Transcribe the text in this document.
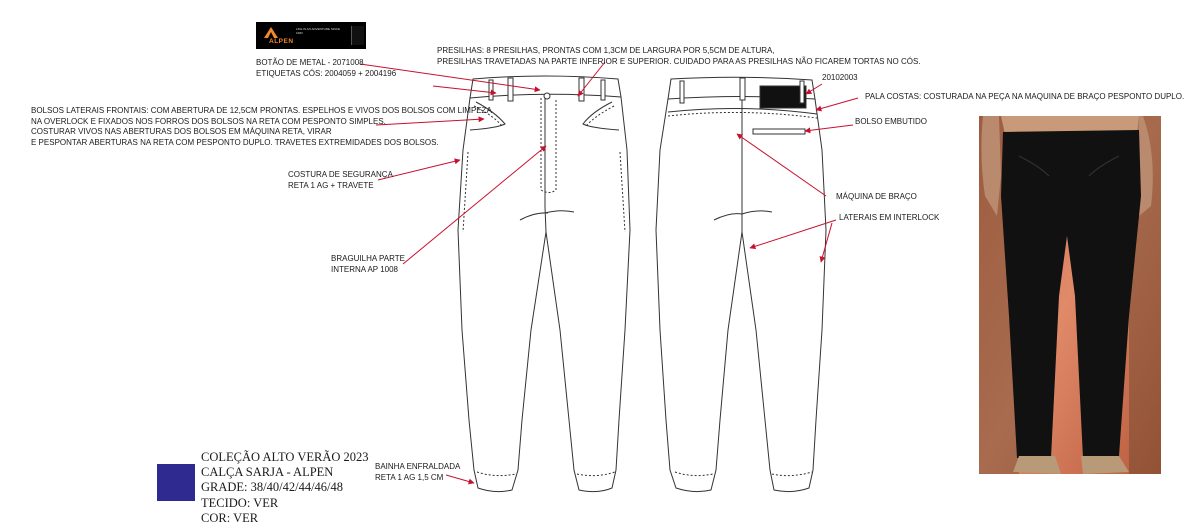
ALPEN
LIFE IS AN ADVENTURE SINCE 1983
BOTÃO DE METAL - 2071008
ETIQUETAS CÓS: 2004059 + 2004196
PRESILHAS: 8 PRESILHAS, PRONTAS COM 1,3CM DE LARGURA POR 5,5CM DE ALTURA,
PRESILHAS TRAVETADAS NA PARTE INFERIOR E SUPERIOR. CUIDADO PARA AS PRESILHAS NÃO FICAREM TORTAS NO CÓS.
BOLSOS LATERAIS FRONTAIS: COM ABERTURA DE 12,5CM PRONTAS. ESPELHOS E VIVOS DOS BOLSOS COM LIMPEZA
NA OVERLOCK E FIXADOS NOS FORROS DOS BOLSOS NA RETA COM PESPONTO SIMPLES.
COSTURAR VIVOS NAS ABERTURAS DOS BOLSOS EM MÁQUINA RETA, VIRAR
E PESPONTAR ABERTURAS NA RETA COM PESPONTO DUPLO. TRAVETES EXTREMIDADES DOS BOLSOS.
COSTURA DE SEGURANÇA
RETA 1 AG + TRAVETE
BRAGUILHA PARTE
INTERNA AP 1008
BAINHA ENFRALDADA
RETA 1 AG 1,5 CM
20102003
PALA COSTAS: COSTURADA NA PEÇA NA MAQUINA DE BRAÇO PESPONTO DUPLO.
BOLSO EMBUTIDO
MÁQUINA DE BRAÇO
LATERAIS EM INTERLOCK
COLEÇÃO ALTO VERÃO 2023
CALÇA SARJA - ALPEN
GRADE: 38/40/42/44/46/48
TECIDO: VER
COR: VER
